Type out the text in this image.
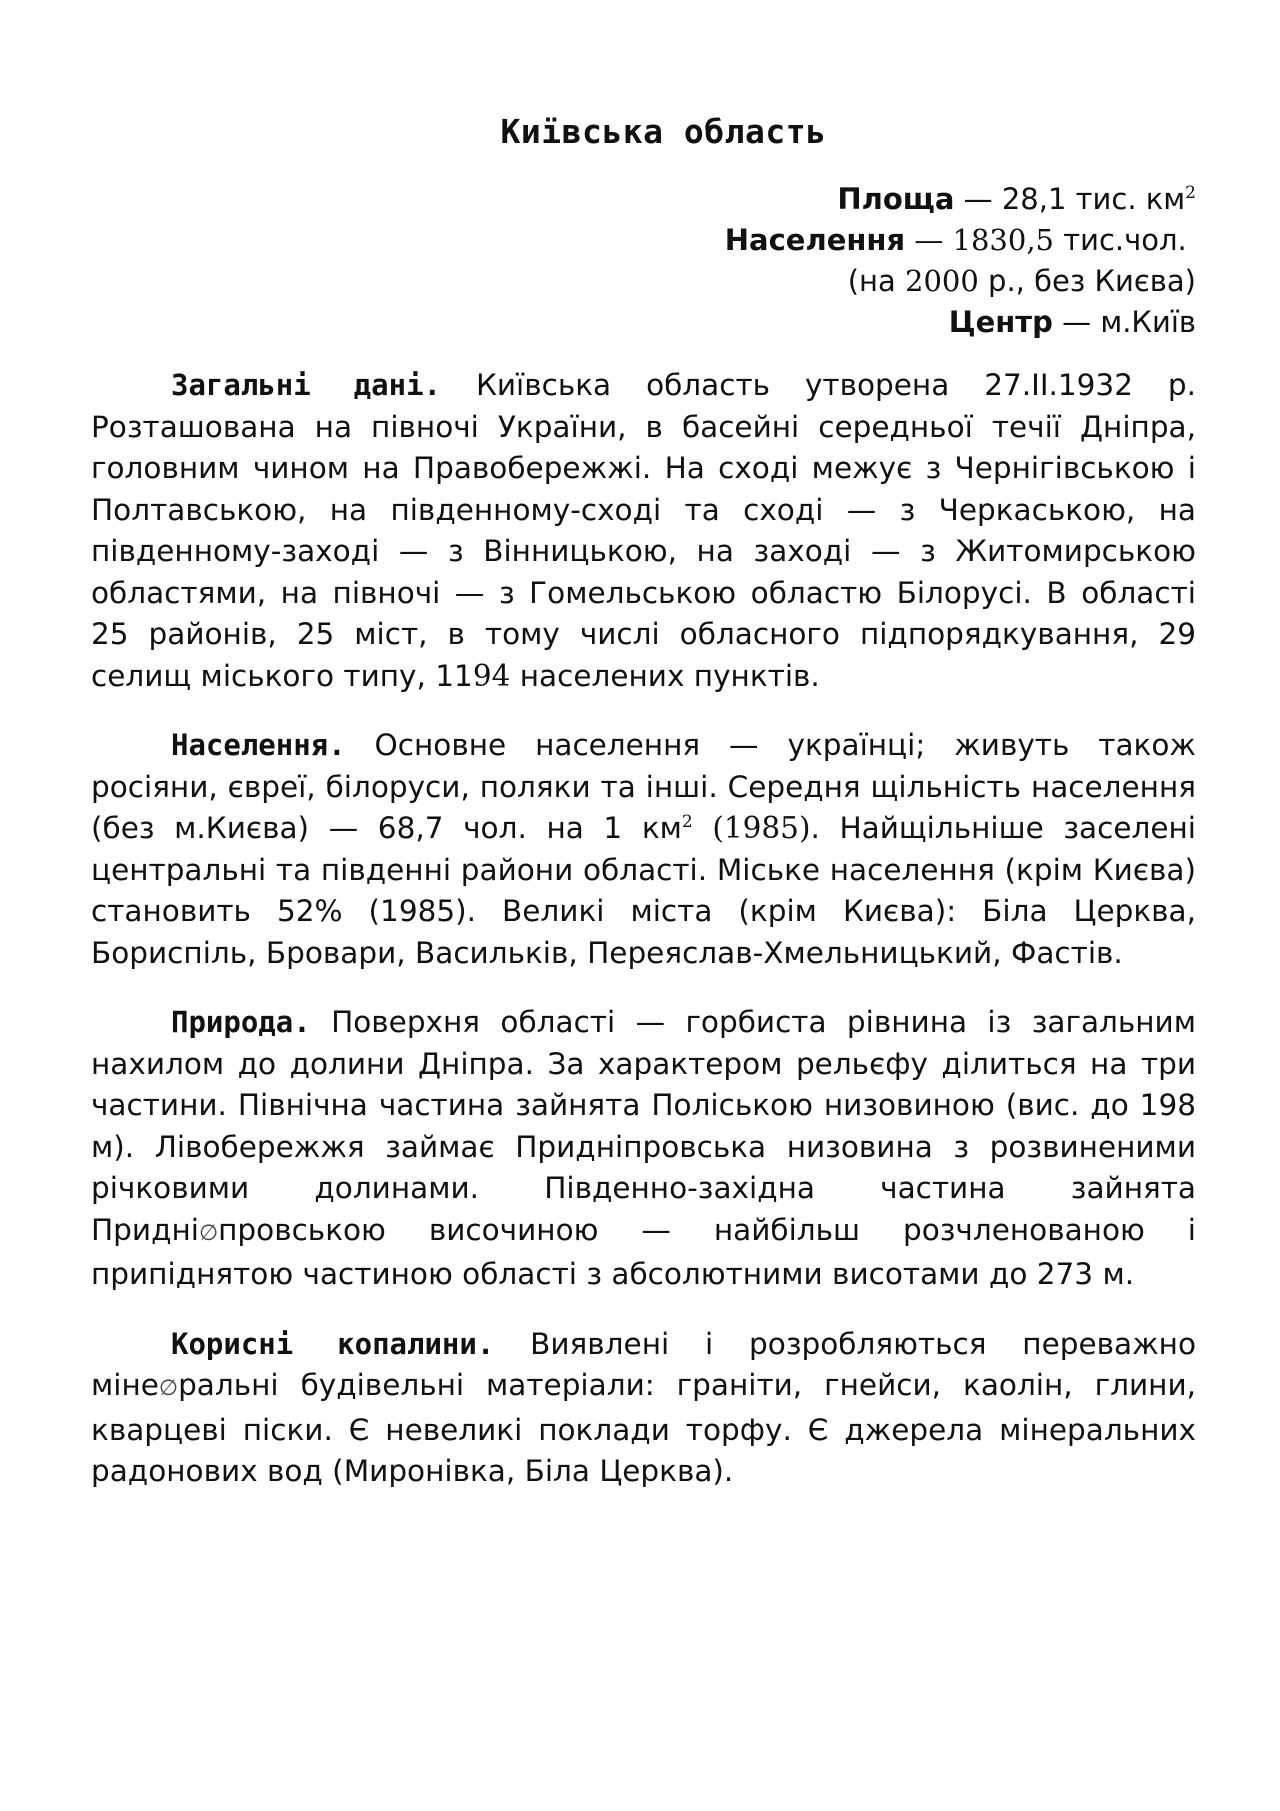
Київська область
Площа — 28,1 тис. $км^2$
Населення — 1830,5 тис.чол.
(на 2000 р., без Києва)
Центр — м.Київ

Загальні дані. Київська область утворена 27.II.1932 р. Розташована на півночі України, в басейні середньої течії Дніпра, головним чином на Правобережжі. На сході межує з Чернігівською і Полтавською, на південному-сході та сході — з Черкаською, на південному-заході — з Вінницькою, на заході — з Житомирською областями, на півночі — з Гомельською областю Білорусі. В області 25 районів, 25 міст, в тому числі обласного підпорядкування, 29 селищ міського типу, 1194 населених пунктів.

Населення. Основне населення — українці; живуть також росіяни, євреї, білоруси, поляки та інші. Середня щільність населення (без м.Києва) — 68,7 чол. на 1 $км^2$ (1985). Найщільніше заселені центральні та південні райони області. Міське населення (крім Києва) становить 52% (1985). Великі міста (крім Києва): Біла Церква, Бориспіль, Бровари, Васильків, Переяслав-Хмельницький, Фастів.

Природа. Поверхня області — горбиста рівнина із загальним нахилом до долини Дніпра. За характером рельєфу ділиться на три частини. Північна частина зайнята Поліською низовиною (вис. до 198 м). Лівобережжя займає Придніпровська низовина з розвиненими річковими долинами. Південно-західна частина зайнята Придні∅провською височиною — найбільш розчленованою і припіднятою частиною області з абсолютними висотами до 273 м.

Корисні копалини. Виявлені і розробляються переважно міне∅ральні будівельні матеріали: граніти, гнейси, каолін, глини, кварцеві піски. Є невеликі поклади торфу. Є джерела мінеральних радонових вод (Миронівка, Біла Церква).
